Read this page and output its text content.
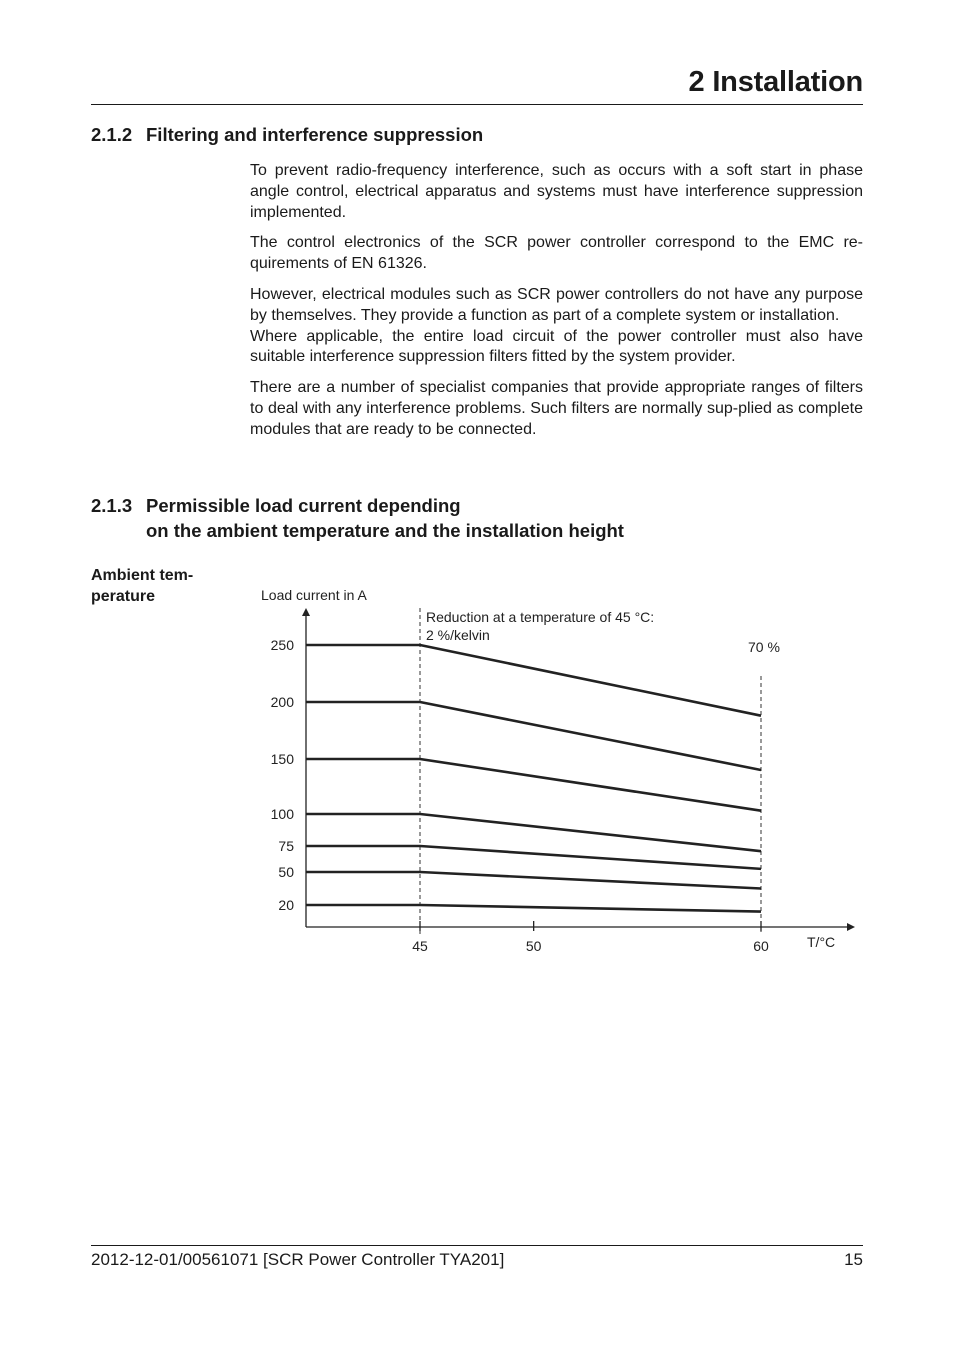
2 Installation
2.1.2 Filtering and interference suppression

To prevent radio-frequency interference, such as occurs with a soft start in phase angle control, electrical apparatus and systems must have interference suppression implemented.

The control electronics of the SCR power controller correspond to the EMC re-quirements of EN 61326.

However, electrical modules such as SCR power controllers do not have any purpose by themselves. They provide a function as part of a complete system or installation.

Where applicable, the entire load circuit of the power controller must also have suitable interference suppression filters fitted by the system provider.

There are a number of specialist companies that provide appropriate ranges of filters to deal with any interference problems. Such filters are normally sup-plied as complete modules that are ready to be connected.

2.1.3 Permissible load current depending
on the ambient temperature and the installation height

Ambient tem-perature	Load current in A
Reduction at a temperature of 45 °C:
2 %/kelvin
70 %
T/°C
45	50	60
20
50
75
100
150
200
250
2012-12-01/00561071 [SCR Power Controller TYA201]	15
